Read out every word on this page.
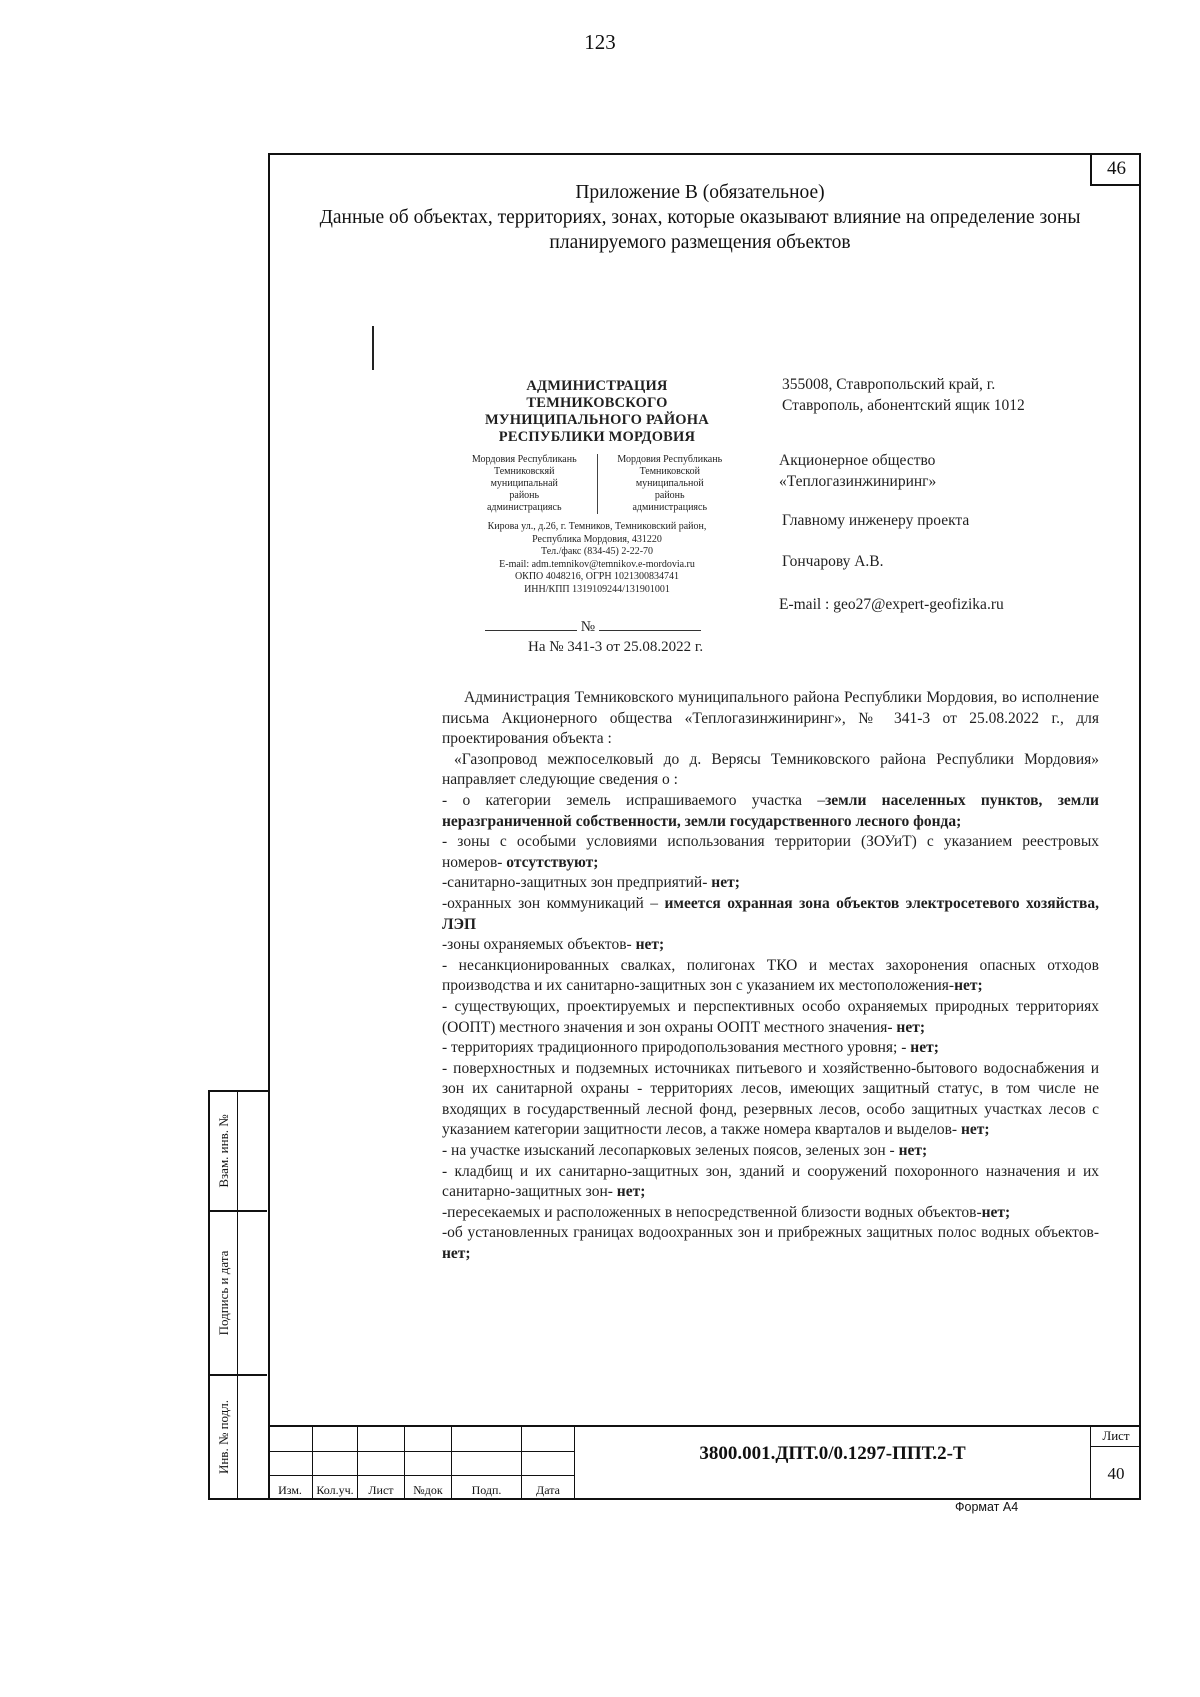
123
46
Приложение В (обязательное)
Данные об объектах, территориях, зонах, которые оказывают влияние на определение зоны
планируемого размещения объектов
АДМИНИСТРАЦИЯ
ТЕМНИКОВСКОГО
МУНИЦИПАЛЬНОГО РАЙОНА
РЕСПУБЛИКИ МОРДОВИЯ
Мордовия Республикань
Темниковскяй
муниципальнай
районь
администрациясь
Мордовия Республикань
Темниковской
муниципальной
районь
администрациясь
Кирова ул., д.26, г. Темников, Темниковский район,
Республика Мордовия, 431220
Тел./факс (834-45) 2-22-70
E-mail: adm.temnikov@temnikov.e-mordovia.ru
ОКПО 4048216, ОГРН 1021300834741
ИНН/КПП 1319109244/131901001
№
На № 341-3 от 25.08.2022 г.
355008, Ставропольский край, г.
Ставрополь, абонентский ящик 1012
Акционерное общество
«Теплогазинжиниринг»
Главному инженеру проекта
Гончарову А.В.
E-mail : geo27@expert-geofizika.ru

Администрация Темниковского муниципального района Республики Мордовия, во исполнение письма Акционерного общества «Теплогазинжиниринг», № 341-3 от 25.08.2022 г., для проектирования объекта :

«Газопровод межпоселковый до д. Верясы Темниковского района Республики Мордовия» направляет следующие сведения о :

- о категории земель испрашиваемого участка –земли населенных пунктов, земли неразграниченной собственности, земли государственного лесного фонда;

- зоны с особыми условиями использования территории (ЗОУиТ) с указанием реестровых номеров- отсутствуют;

-санитарно-защитных зон предприятий- нет;

-охранных зон коммуникаций – имеется охранная зона объектов электросетевого хозяйства, ЛЭП

-зоны охраняемых объектов- нет;

- несанкционированных свалках, полигонах ТКО и местах захоронения опасных отходов производства и их санитарно-защитных зон с указанием их местоположения-нет;

- существующих, проектируемых и перспективных особо охраняемых природных территориях (ООПТ) местного значения и зон охраны ООПТ местного значения- нет;

- территориях традиционного природопользования местного уровня; - нет;

- поверхностных и подземных источниках питьевого и хозяйственно-бытового водоснабжения и зон их санитарной охраны - территориях лесов, имеющих защитный статус, в том числе не входящих в государственный лесной фонд, резервных лесов, особо защитных участках лесов с указанием категории защитности лесов, а также номера кварталов и выделов- нет;

- на участке изысканий лесопарковых зеленых поясов, зеленых зон - нет;

- кладбищ и их санитарно-защитных зон, зданий и сооружений похоронного назначения и их санитарно-защитных зон- нет;

-пересекаемых и расположенных в непосредственной близости водных объектов-нет;

-об установленных границах водоохранных зон и прибрежных защитных полос водных объектов-нет;

Взам. инв. №
Подпись и дата
Инв. № подл.
Изм.	Кол.уч.	Лист	№док	Подп.	Дата
3800.001.ДПТ.0/0.1297-ППТ.2-Т
Лист
40
Формат А4
